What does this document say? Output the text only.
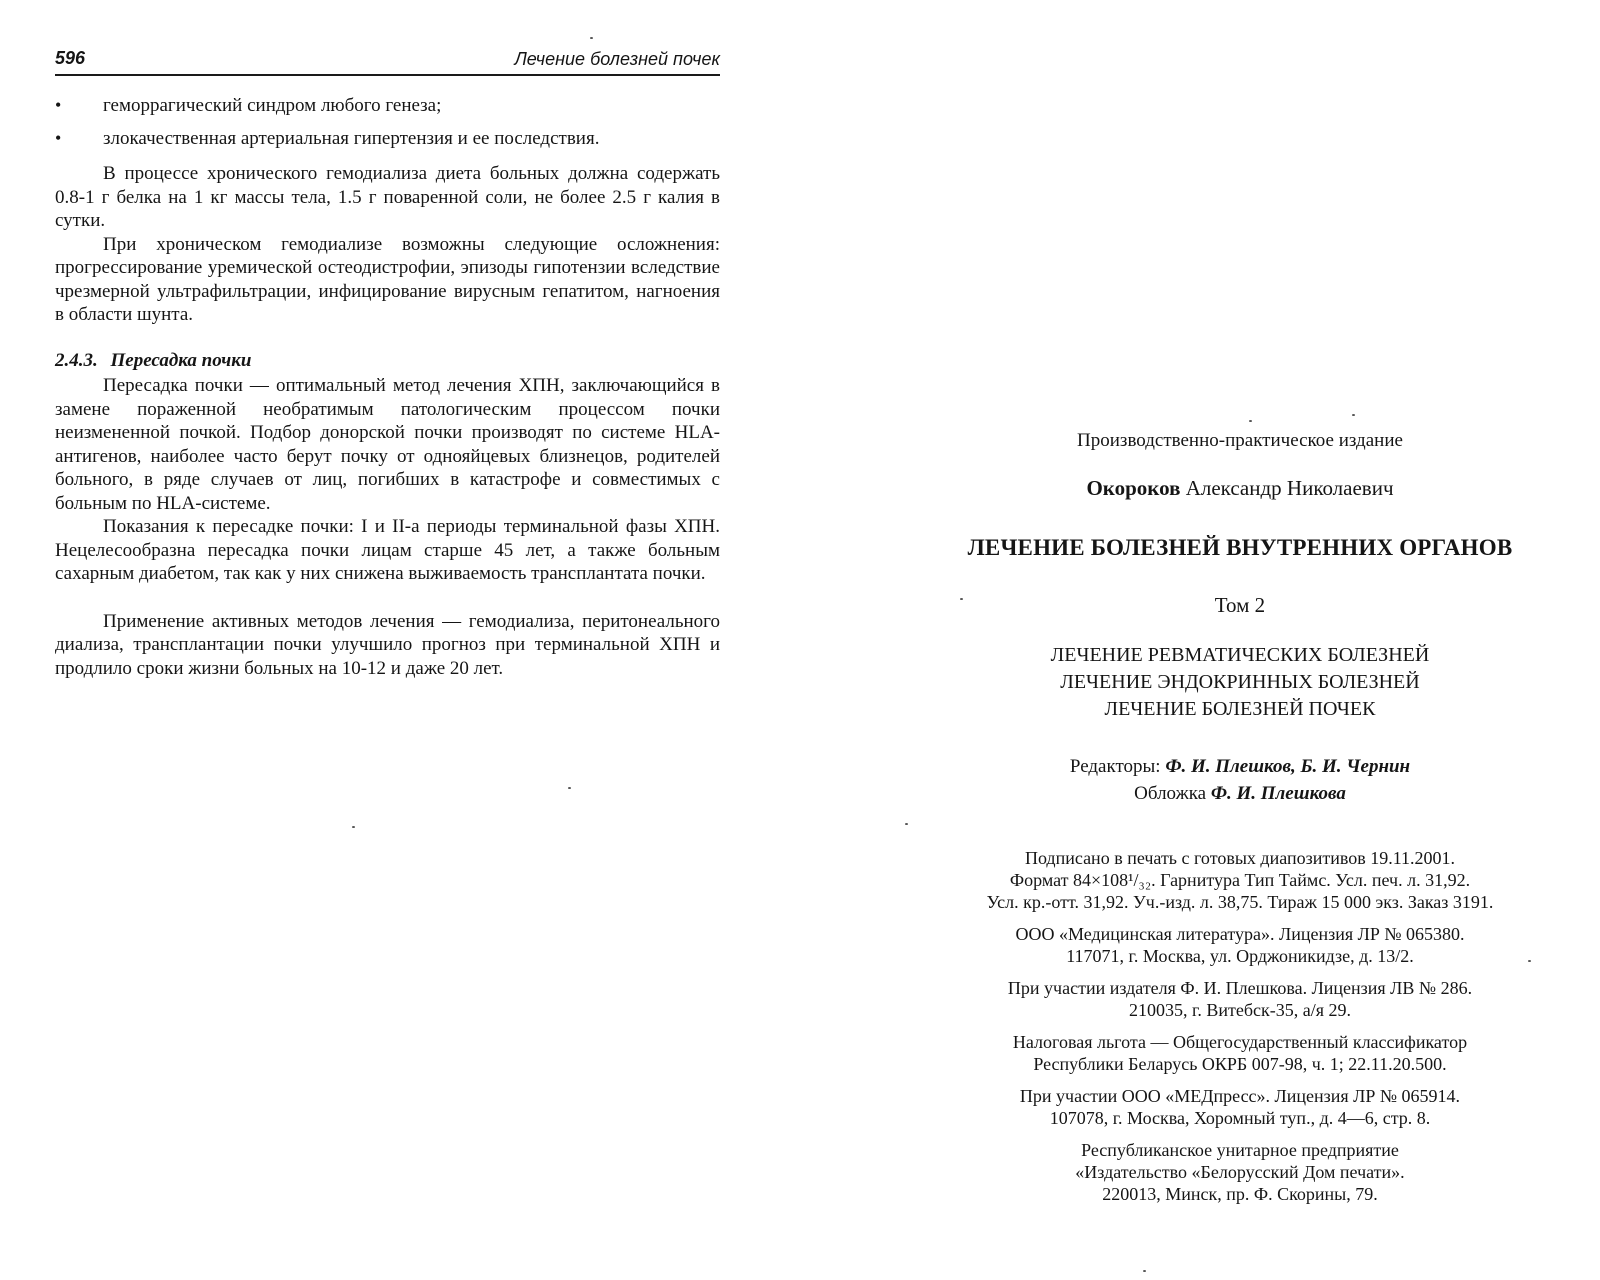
596	Лечение болезней почек
• геморрагический синдром любого генеза;
• злокачественная артериальная гипертензия и ее последствия.

В процессе хронического гемодиализа диета больных должна содержать 0.8-1 г белка на 1 кг массы тела, 1.5 г поваренной соли, не более 2.5 г калия в сутки.

При хроническом гемодиализе возможны следующие осложнения: прогрессирование уремической остеодистрофии, эпизоды гипотензии вследствие чрезмерной ультрафильтрации, инфицирование вирусным гепатитом, нагноения в области шунта.

2.4.3. Пересадка почки

Пересадка почки — оптимальный метод лечения ХПН, заключающийся в замене пораженной необратимым патологическим процессом почки неизмененной почкой. Подбор донорской почки производят по системе HLA-антигенов, наиболее часто берут почку от однояйцевых близнецов, родителей больного, в ряде случаев от лиц, погибших в катастрофе и совместимых с больным по HLA-системе.

Показания к пересадке почки: I и II-а периоды терминальной фазы ХПН. Нецелесообразна пересадка почки лицам старше 45 лет, а также больным сахарным диабетом, так как у них снижена выживаемость трансплантата почки.

Применение активных методов лечения — гемодиализа, перитонеального диализа, трансплантации почки улучшило прогноз при терминальной ХПН и продлило сроки жизни больных на 10-12 и даже 20 лет.

Производственно-практическое издание

Окороков Александр Николаевич

ЛЕЧЕНИЕ БОЛЕЗНЕЙ ВНУТРЕННИХ ОРГАНОВ

Том 2

ЛЕЧЕНИЕ РЕВМАТИЧЕСКИХ БОЛЕЗНЕЙ
ЛЕЧЕНИЕ ЭНДОКРИННЫХ БОЛЕЗНЕЙ
ЛЕЧЕНИЕ БОЛЕЗНЕЙ ПОЧЕК
Редакторы: Ф. И. Плешков, Б. И. Чернин
Обложка Ф. И. Плешкова

Подписано в печать с готовых диапозитивов 19.11.2001.

Формат 84×108¹/₃₂. Гарнитура Тип Таймс. Усл. печ. л. 31,92.

Усл. кр.-отт. 31,92. Уч.-изд. л. 38,75. Тираж 15 000 экз. Заказ 3191.

ООО «Медицинская литература». Лицензия ЛР № 065380.

117071, г. Москва, ул. Орджоникидзе, д. 13/2.

При участии издателя Ф. И. Плешкова. Лицензия ЛВ № 286.

210035, г. Витебск-35, а/я 29.

Налоговая льгота — Общегосударственный классификатор

Республики Беларусь ОКРБ 007-98, ч. 1; 22.11.20.500.

При участии ООО «МЕДпресс». Лицензия ЛР № 065914.

107078, г. Москва, Хоромный туп., д. 4—6, стр. 8.

Республиканское унитарное предприятие

«Издательство «Белорусский Дом печати».

220013, Минск, пр. Ф. Скорины, 79.
